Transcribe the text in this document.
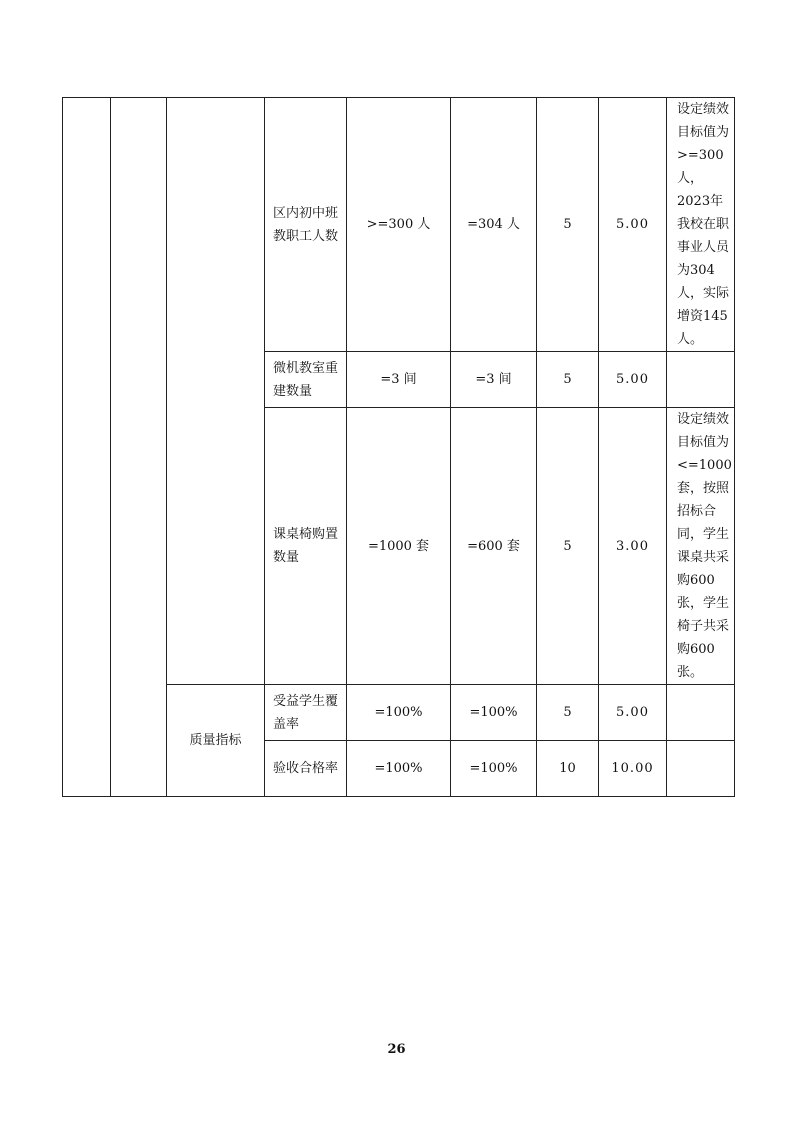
			区内初中班教职工人数	>=300 人	=304 人	5	5.00	设定绩效目标值为>=300人，2023年我校在职事业人员为304人，实际增资145人。
			微机教室重建数量	=3 间	=3 间	5	5.00	
			课桌椅购置数量	=1000 套	=600 套	5	3.00	设定绩效目标值为<=1000套，按照招标合同，学生课桌共采购600张，学生椅子共采购600张。
		质量指标	受益学生覆盖率	=100%	=100%	5	5.00	
			验收合格率	=100%	=100%	10	10.00	
26
